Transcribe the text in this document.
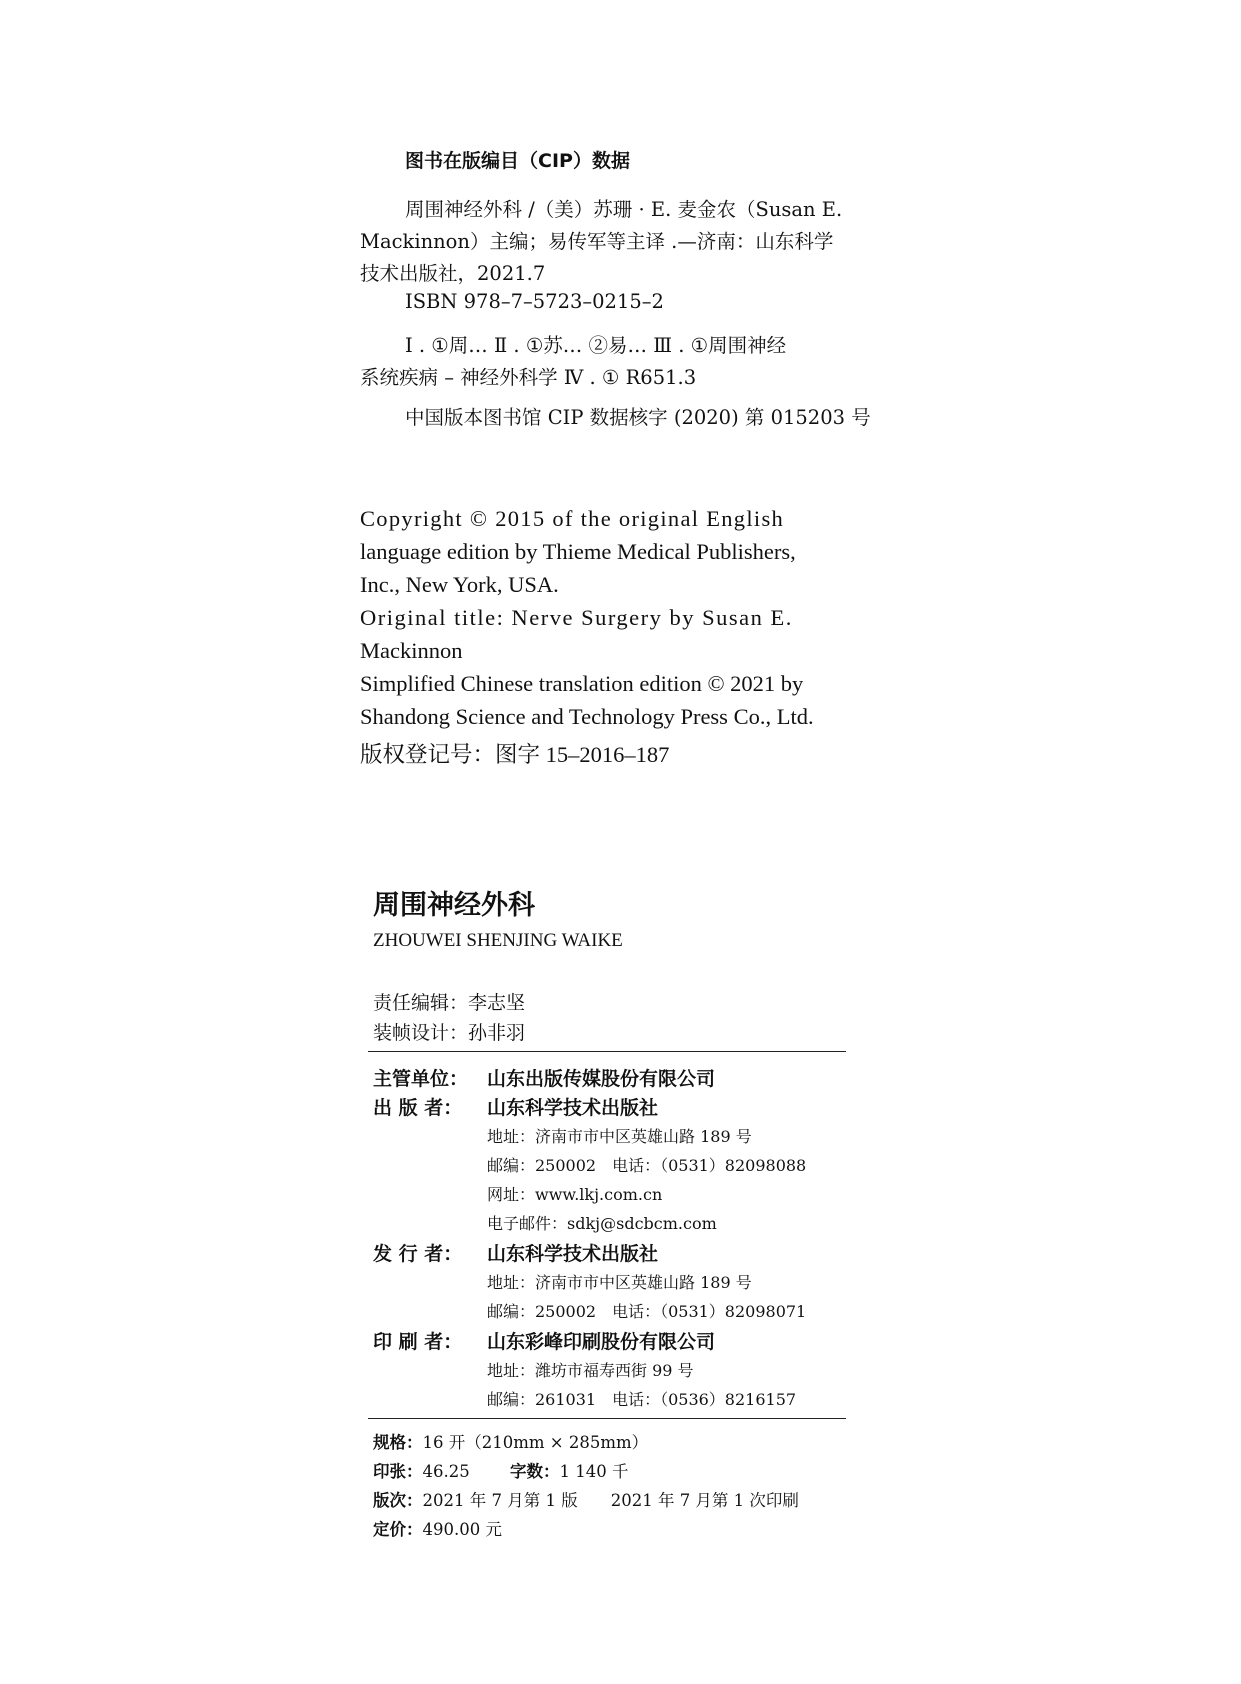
图书在版编目（CIP）数据
周围神经外科 /（美）苏珊 · E. 麦金农（Susan E.
Mackinnon）主编；易传军等主译 .—济南：山东科学
技术出版社，2021.7
ISBN 978–7–5723–0215–2
Ⅰ . ①周… Ⅱ . ①苏… ②易… Ⅲ . ①周围神经
系统疾病 – 神经外科学 Ⅳ . ① R651.3
中国版本图书馆 CIP 数据核字 (2020) 第 015203 号
Copyright © 2015 of the original English
language edition by Thieme Medical Publishers,
Inc., New York, USA.
Original title: Nerve Surgery by Susan E.
Mackinnon
Simplified Chinese translation edition © 2021 by
Shandong Science and Technology Press Co., Ltd.
版权登记号：图字 15–2016–187
周围神经外科
ZHOUWEI SHENJING WAIKE
责任编辑：李志坚
装帧设计：孙非羽
主管单位： 山东出版传媒股份有限公司
出 版 者： 山东科学技术出版社
地址：济南市市中区英雄山路 189 号
邮编：250002　电话：（0531）82098088
网址：www.lkj.com.cn
电子邮件：sdkj@sdcbcm.com
发 行 者： 山东科学技术出版社
地址：济南市市中区英雄山路 189 号
邮编：250002　电话：（0531）82098071
印 刷 者： 山东彩峰印刷股份有限公司
地址：潍坊市福寿西街 99 号
邮编：261031　电话：（0536）8216157
规格：16 开（210mm × 285mm）
印张：46.25 字数：1 140 千
版次：2021 年 7 月第 1 版　　2021 年 7 月第 1 次印刷
定价：490.00 元
